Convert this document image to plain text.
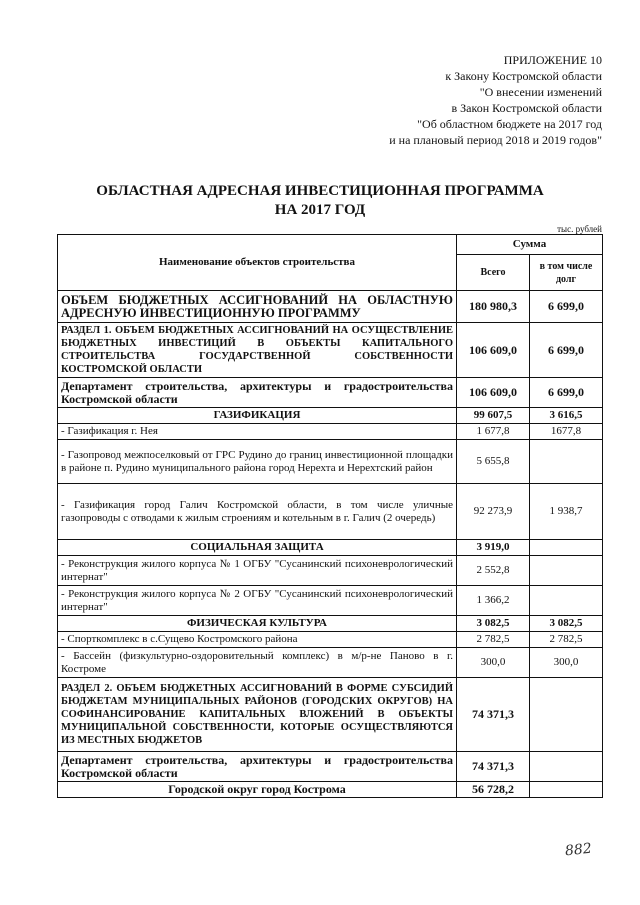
ПРИЛОЖЕНИЕ 10
к Закону Костромской области
"О внесении изменений
в Закон Костромской области
"Об областном бюджете на 2017 год
и на плановый период 2018 и 2019 годов"
ОБЛАСТНАЯ АДРЕСНАЯ ИНВЕСТИЦИОННАЯ ПРОГРАММА
НА 2017 ГОД
тыс. рублей
Наименование объектов строительства	Сумма	
	Всего	в том числе долг
ОБЪЕМ БЮДЖЕТНЫХ АССИГНОВАНИЙ НА ОБЛАСТНУЮ АДРЕСНУЮ ИНВЕСТИЦИОННУЮ ПРОГРАММУ	180 980,3	6 699,0
РАЗДЕЛ 1. ОБЪЕМ БЮДЖЕТНЫХ АССИГНОВАНИЙ НА ОСУЩЕСТВЛЕНИЕ БЮДЖЕТНЫХ ИНВЕСТИЦИЙ В ОБЪЕКТЫ КАПИТАЛЬНОГО СТРОИТЕЛЬСТВА ГОСУДАРСТВЕННОЙ СОБСТВЕННОСТИ КОСТРОМСКОЙ ОБЛАСТИ	106 609,0	6 699,0
Департамент строительства, архитектуры и градостроительства Костромской области	106 609,0	6 699,0
ГАЗИФИКАЦИЯ	99 607,5	3 616,5
- Газификация г. Нея	1 677,8	1677,8
- Газопровод межпоселковый от ГРС Рудино до границ инвестиционной площадки в районе п. Рудино муниципального района город Нерехта и Нерехтский район	5 655,8	
- Газификация город Галич Костромской области, в том числе уличные газопроводы с отводами к жилым строениям и котельным в г. Галич (2 очередь)	92 273,9	1 938,7
СОЦИАЛЬНАЯ ЗАЩИТА	3 919,0	
- Реконструкция жилого корпуса № 1 ОГБУ "Сусанинский психоневрологический интернат"	2 552,8	
- Реконструкция жилого корпуса № 2 ОГБУ "Сусанинский психоневрологический интернат"	1 366,2	
ФИЗИЧЕСКАЯ КУЛЬТУРА	3 082,5	3 082,5
- Спорткомплекс в с.Сущево Костромского района	2 782,5	2 782,5
- Бассейн (физкультурно-оздоровительный комплекс) в м/р-не Паново в г. Костроме	300,0	300,0
РАЗДЕЛ 2. ОБЪЕМ БЮДЖЕТНЫХ АССИГНОВАНИЙ В ФОРМЕ СУБСИДИЙ БЮДЖЕТАМ МУНИЦИПАЛЬНЫХ РАЙОНОВ (ГОРОДСКИХ ОКРУГОВ) НА СОФИНАНСИРОВАНИЕ КАПИТАЛЬНЫХ ВЛОЖЕНИЙ В ОБЪЕКТЫ МУНИЦИПАЛЬНОЙ СОБСТВЕННОСТИ, КОТОРЫЕ ОСУЩЕСТВЛЯЮТСЯ ИЗ МЕСТНЫХ БЮДЖЕТОВ	74 371,3	
Департамент строительства, архитектуры и градостроительства Костромской области	74 371,3	
Городской округ город Кострома	56 728,2	
882
